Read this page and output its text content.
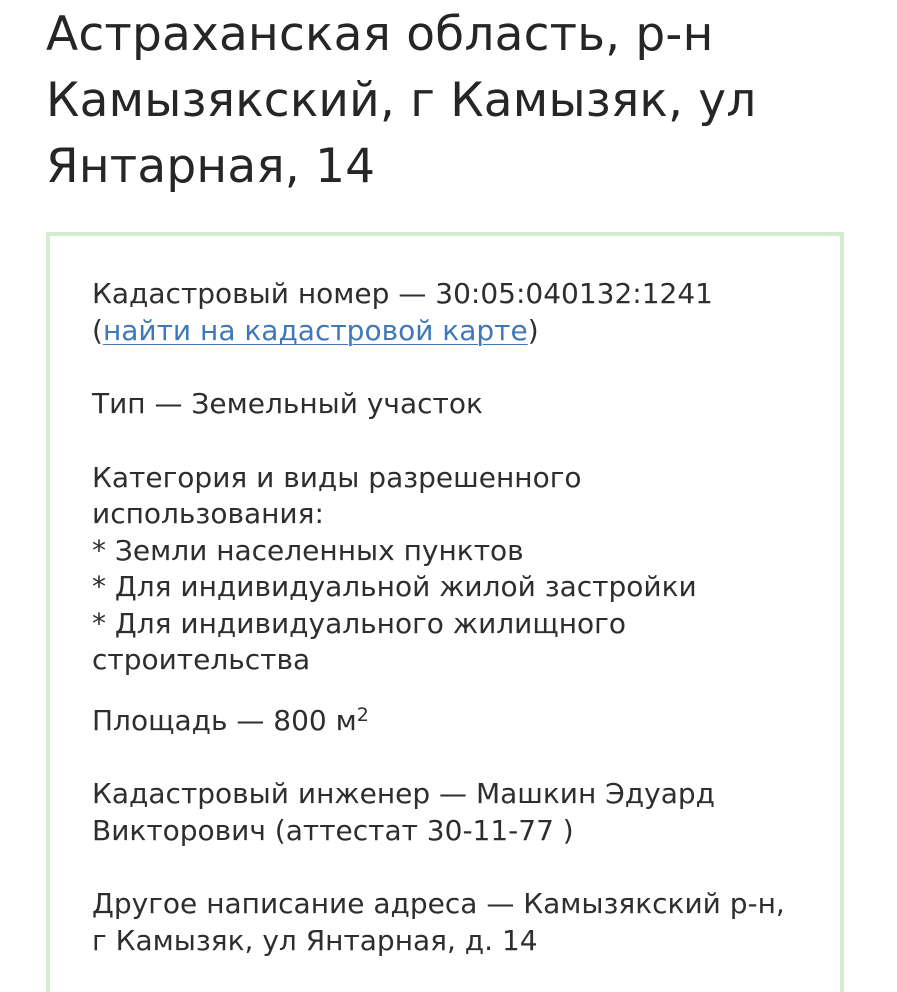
Астраханская область, р-н Камызякский, г Камызяк, ул Янтарная, 14

Кадастровый номер — 30:05:040132:1241
(найти на кадастровой карте)

Тип — Земельный участок

Категория и виды разрешенного использования:
* Земли населенных пунктов
* Для индивидуальной жилой застройки
* Для индивидуального жилищного строительства

Площадь — 800 $м^2$

Кадастровый инженер — Машкин Эдуард Викторович (аттестат 30-11-77 )

Другое написание адреса — Камызякский р-н, г Камызяк, ул Янтарная, д. 14
